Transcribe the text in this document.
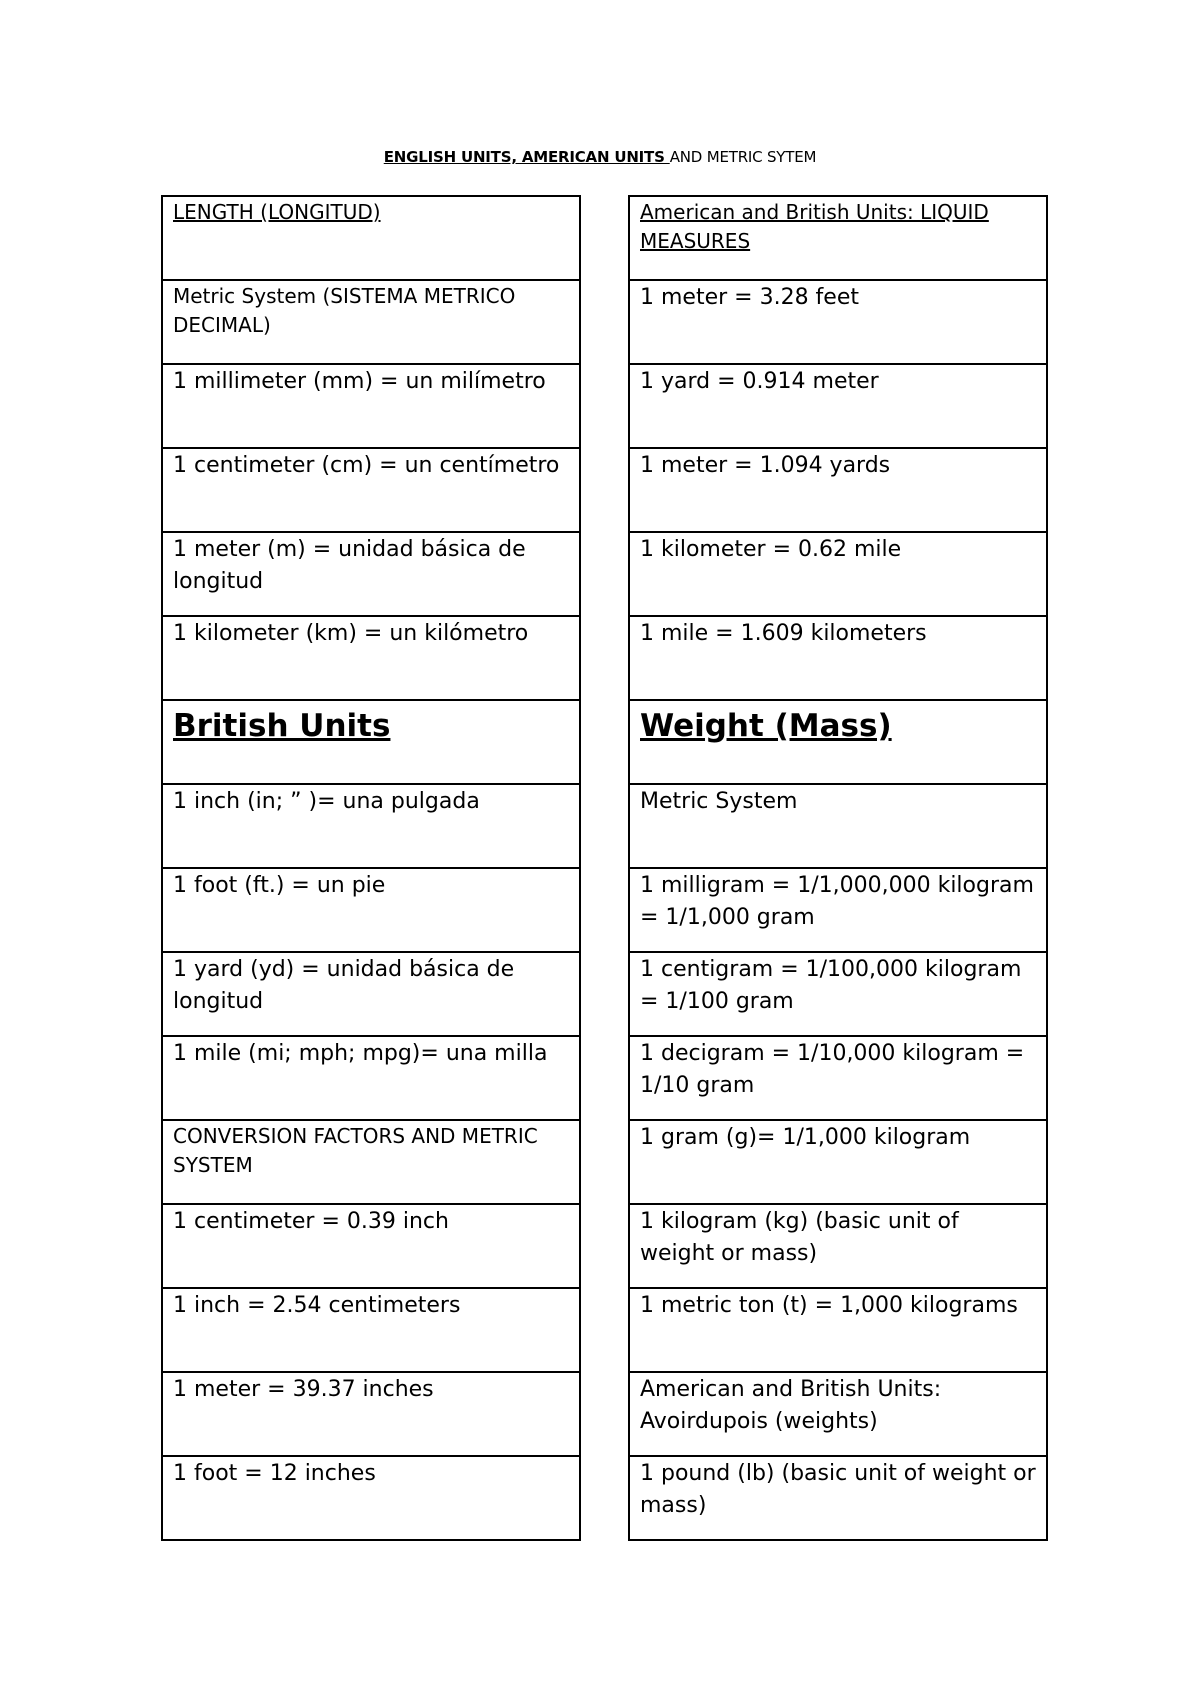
ENGLISH UNITS, AMERICAN UNITS AND METRIC SYTEM
LENGTH (LONGITUD)

Metric System (SISTEMA METRICO DECIMAL)

1 millimeter (mm) = un milímetro

1 centimeter (cm) = un centímetro

1 meter (m) = unidad básica de longitud

1 kilometer (km) = un kilómetro

British Units

1 inch (in; ” )= una pulgada

1 foot (ft.) = un pie

1 yard (yd) = unidad básica de longitud

1 mile (mi; mph; mpg)= una milla

CONVERSION FACTORS AND METRIC SYSTEM

1 centimeter = 0.39 inch

1 inch = 2.54 centimeters

1 meter = 39.37 inches

1 foot = 12 inches
American and British Units: LIQUID MEASURES

1 meter = 3.28 feet

1 yard = 0.914 meter

1 meter = 1.094 yards

1 kilometer = 0.62 mile

1 mile = 1.609 kilometers

Weight (Mass)

Metric System

1 milligram = 1/1,000,000 kilogram = 1/1,000 gram

1 centigram = 1/100,000 kilogram = 1/100 gram

1 decigram = 1/10,000 kilogram = 1/10 gram

1 gram (g)= 1/1,000 kilogram

1 kilogram (kg) (basic unit of weight or mass)

1 metric ton (t) = 1,000 kilograms

American and British Units: Avoirdupois (weights)

1 pound (lb) (basic unit of weight or mass)
